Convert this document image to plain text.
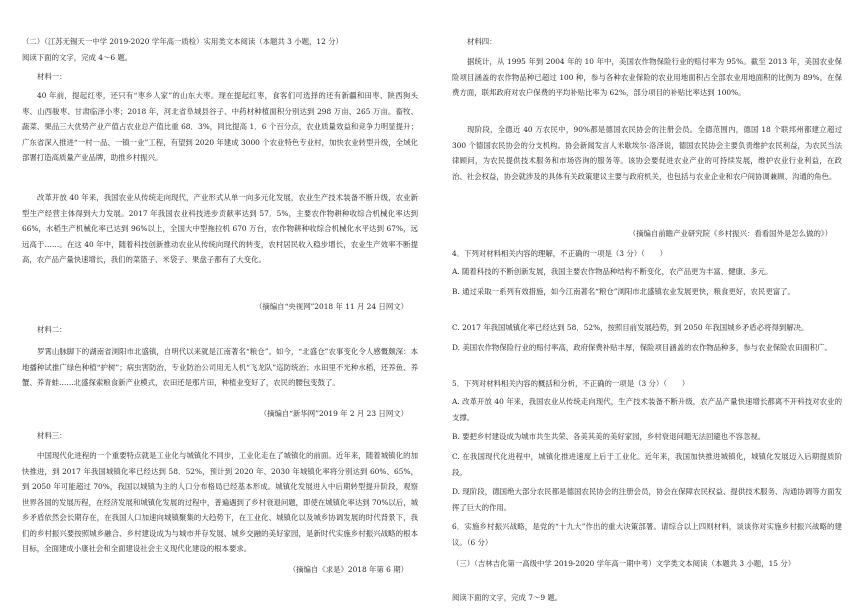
（二）（江苏无锡天一中学 2019-2020 学年高一质检）实用类文本阅读（本题共 3 小题，12 分）

阅读下面的文字，完成 4～6 题。

材料一：

40 年前，提起红枣，还只有“枣乡人家”的山东大枣。现在提起红枣，食客们可选择的还有新疆和田枣、陕西狗头枣、山西骏枣、甘肃临泽小枣；2018 年，河北省阜城县谷子、中药材种植面积分别达到 298 万亩、265 万亩。畜牧、蔬菜、果品三大优势产业产值占农业总产值比重 68．3%，同比提高 1．6 个百分点，农业质量效益和竞争力明显提升；广东省深入推进“一村一品、一镇一业”工程，有望到 2020 年建成 3000 个农业特色专业村，加快农业转型升级，全域化部署打造高质量产业品牌，助推乡村振兴。

改革开放 40 年来，我国农业从传统走向现代，产业形式从单一向多元化发展，农业生产技术装备不断升级，农业新型生产经营主体得到大力发展。2017 年我国农业科技进步贡献率达到 57．5%，主要农作物耕种收综合机械化率达到 66%，水稻生产机械化率已达到 96%以上，全国大中型拖拉机 670 万台，农作物耕种收综合机械化水平达到 67%，远远高于……。在这 40 年中，随着科技创新推动农业从传统向现代的转变，农村居民收入稳步增长，农业生产效率不断提高，农产品产量快速增长，我们的菜篮子、米袋子、果盘子都有了大变化。

（摘编自“央视网”2018 年 11 月 24 日网文）

材料二：

罗霄山脉脚下的湖南省浏阳市北盛镇，自明代以来就是江南著名“粮仓”。如今，“北盛仓”农事变化令人感慨颇深：本地播种试推广绿色种植“护树”；病虫害防治，专业防治公司用无人机“飞龙队”巡防统治；水田里不光种水稻，还养鱼、养蟹、养青蛙……北盛探索粮食新产业模式，农田还是那片田，种植业变好了，农民的腰包变鼓了。

（摘编自“新华网”2019 年 2 月 23 日网文）

材料三：

中国现代化进程的一个重要特点就是工业化与城镇化不同步，工业化走在了城镇化的前面。近年来，随着城镇化的加快推进，到 2017 年我国城镇化率已经达到 58．52%，预计到 2020 年、2030 年城镇化率将分别达到 60%、65%，到 2050 年可能超过 70%，我国以城镇为主的人口分布格局已经基本形成。城镇化发展进入中后期转型提升阶段，观察世界各国的发展历程，在经济发展和城镇化发展的过程中，普遍遇到了乡村衰退问题，即使在城镇化率达到 70%以后，城乡矛盾依然会长期存在，在我国人口加速向城镇聚集的大趋势下，在工业化、城镇化以及城乡协调发展的时代背景下，我们的乡村振兴要按照城乡融合、乡村建设成为与城市并存发展、城乡交融的美好家园，是新时代实施乡村振兴战略的根本目标，全面建成小康社会和全面建设社会主义现代化建设的根本要求。

（摘编自《求是》2018 年第 6 期）

材料四：

据统计，从 1995 年到 2004 年的 10 年中，美国农作物保险行业的赔付率为 95%。截至 2013 年，美国农业保险项目涵盖的农作物品种已超过 100 种，参与各种农业保险的农业用地面积占全部农业用地面积的比例为 89%。在保费方面，联邦政府对农户保费的平均补贴比率为 62%，部分项目的补贴比率达到 100%。

现阶段，全德近 40 万农民中，90%都是德国农民协会的注册会员。全德范围内，德国 18 个联邦州都建立超过 300 个德国农民协会的分支机构。协会新闻发言人米歇埃尔·洛泽说，德国农民协会主要负责维护农民利益，为农民当法律顾问，为农民提供技术服务和市场咨询的服务等。该协会要促进农业产业的可持续发展，维护农业行业利益，在政治、社会权益，协会就涉及的具体有关政策建议主要与政府机关，也包括与农业企业和农户间协调兼顾、沟通的角色。

（摘编自前瞻产业研究院《乡村振兴：看看国外是怎么做的》）

4．下列对材料相关内容的理解，不正确的一项是（3 分）（　　）

A. 随着科技的不断创新发展，我国主要农作物品种结构不断变化，农产品更为丰富、健康、多元。

B. 通过采取一系列有效措施，如今江南著名“粮仓”浏阳市北盛镇农业发展更快，粮食更好，农民更富了。

C. 2017 年我国城镇化率已经达到 58．52%，按照目前发展趋势，到 2050 年我国城乡矛盾必将得到解决。

D. 美国农作物保险行业的赔付率高，政府保费补贴丰厚，保险项目涵盖的农作物品种多，参与农业保险农田面积广。

5．下列对材料相关内容的概括和分析，不正确的一项是（3 分）（　　）

A. 改革开放 40 年来，我国农业从传统走向现代，生产技术装备不断升级，农产品产量快速增长都离不开科技对农业的支撑。

B. 要把乡村建设成为城市共生共荣、各美其美的美好家园，乡村衰退问题无法回避也不容忽视。

C. 在我国现代化进程中，城镇化推进速度上后于工业化。近年来，我国加快推进城镇化，城镇化发展迈入后期提质阶段。

D. 现阶段，德国绝大部分农民都是德国农民协会的注册会员，协会在保障农民权益、提供技术服务、沟通协调等方面发挥了巨大的作用。

6．实施乡村振兴战略，是党的“十九大”作出的重大决策部署。请综合以上四则材料，谈谈你对实施乡村振兴战略的建议。（6 分）

（三）（吉林吉化第一高级中学 2019-2020 学年高一期中考）文学类文本阅读（本题共 3 小题，15 分）

阅读下面的文字，完成 7～9 题。
